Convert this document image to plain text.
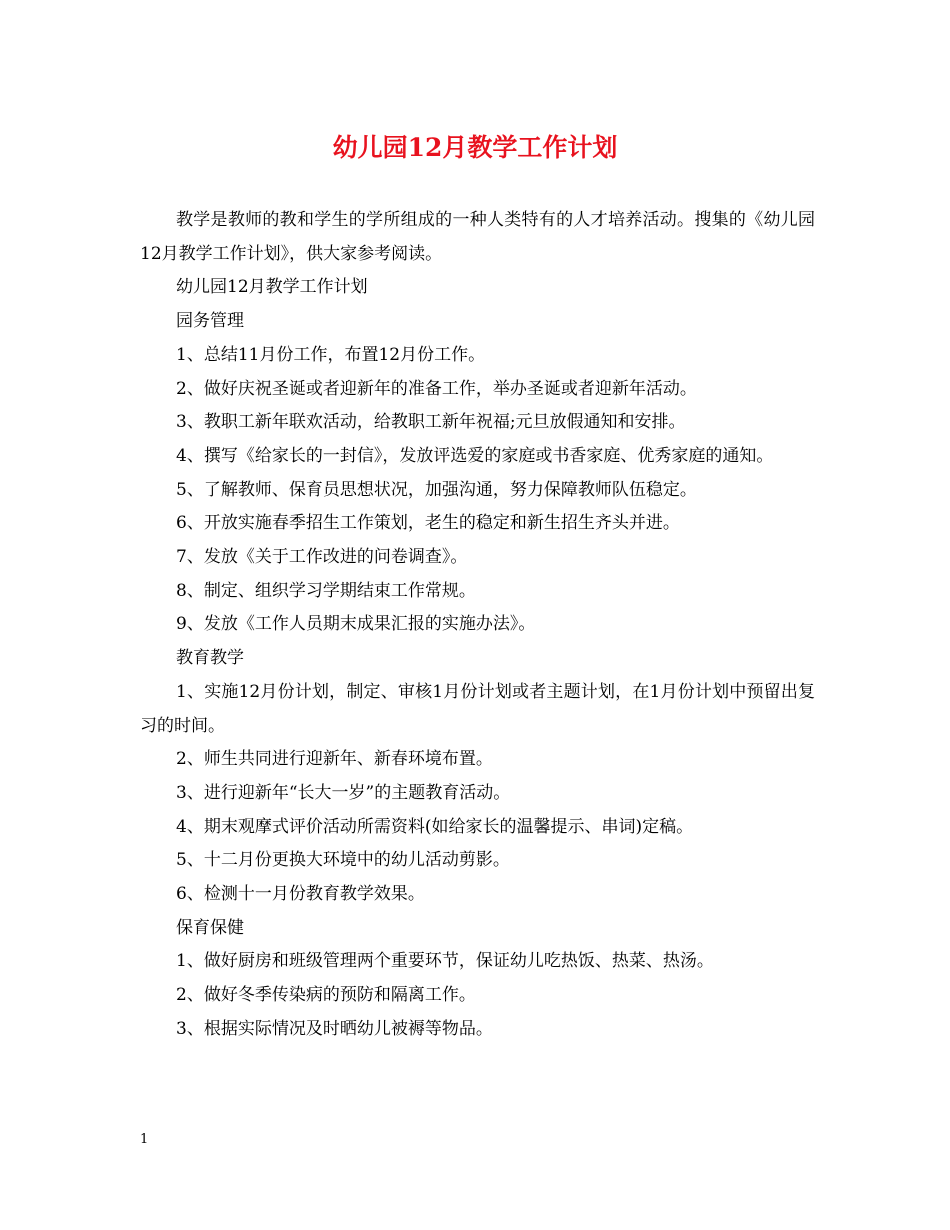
幼儿园12月教学工作计划

教学是教师的教和学生的学所组成的一种人类特有的人才培养活动。搜集的《幼儿园12月教学工作计划》，供大家参考阅读。

幼儿园12月教学工作计划

园务管理

1、总结11月份工作，布置12月份工作。

2、做好庆祝圣诞或者迎新年的准备工作，举办圣诞或者迎新年活动。

3、教职工新年联欢活动，给教职工新年祝福;元旦放假通知和安排。

4、撰写《给家长的一封信》，发放评选爱的家庭或书香家庭、优秀家庭的通知。

5、了解教师、保育员思想状况，加强沟通，努力保障教师队伍稳定。

6、开放实施春季招生工作策划，老生的稳定和新生招生齐头并进。

7、发放《关于工作改进的问卷调查》。

8、制定、组织学习学期结束工作常规。

9、发放《工作人员期末成果汇报的实施办法》。

教育教学

1、实施12月份计划，制定、审核1月份计划或者主题计划，在1月份计划中预留出复习的时间。

2、师生共同进行迎新年、新春环境布置。

3、进行迎新年“长大一岁”的主题教育活动。

4、期末观摩式评价活动所需资料(如给家长的温馨提示、串词)定稿。

5、十二月份更换大环境中的幼儿活动剪影。

6、检测十一月份教育教学效果。

保育保健

1、做好厨房和班级管理两个重要环节，保证幼儿吃热饭、热菜、热汤。

2、做好冬季传染病的预防和隔离工作。

3、根据实际情况及时晒幼儿被褥等物品。

1
